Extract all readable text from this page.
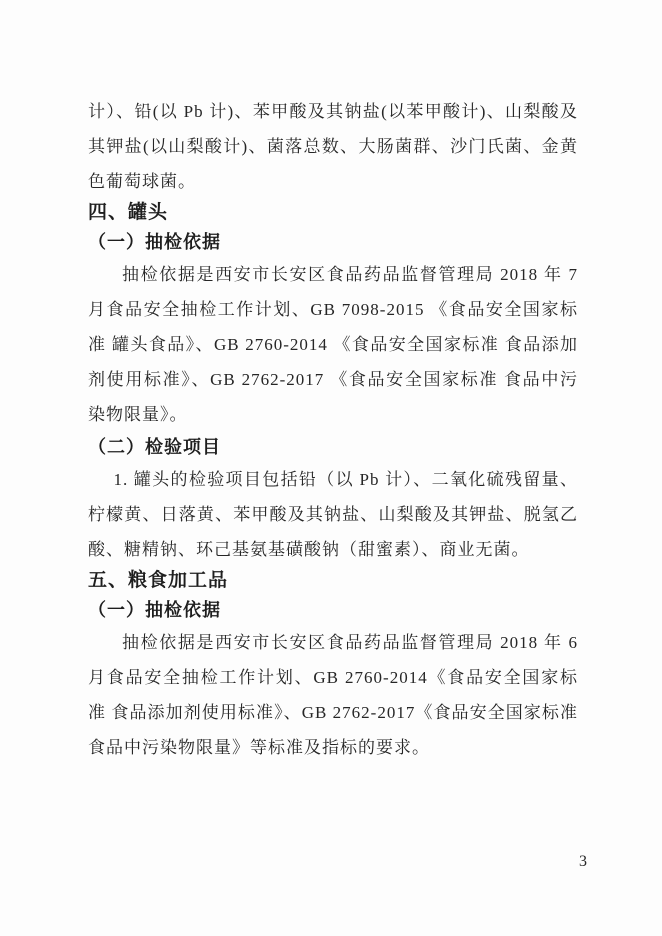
计）、铅(以 Pb 计)、苯甲酸及其钠盐(以苯甲酸计)、山梨酸及其钾盐(以山梨酸计)、菌落总数、大肠菌群、沙门氏菌、金黄色葡萄球菌。

四、罐头
（一）抽检依据

抽检依据是西安市长安区食品药品监督管理局 2018 年 7 月食品安全抽检工作计划、GB 7098-2015 《食品安全国家标准 罐头食品》、GB 2760-2014 《食品安全国家标准 食品添加剂使用标准》、GB 2762-2017 《食品安全国家标准 食品中污染物限量》。

（二）检验项目

1. 罐头的检验项目包括铅（以 Pb 计）、二氧化硫残留量、柠檬黄、日落黄、苯甲酸及其钠盐、山梨酸及其钾盐、脱氢乙酸、糖精钠、环己基氨基磺酸钠（甜蜜素）、商业无菌。

五、粮食加工品
（一）抽检依据

抽检依据是西安市长安区食品药品监督管理局 2018 年 6 月食品安全抽检工作计划、GB 2760-2014《食品安全国家标准 食品添加剂使用标准》、GB 2762-2017《食品安全国家标准 食品中污染物限量》等标准及指标的要求。

3
